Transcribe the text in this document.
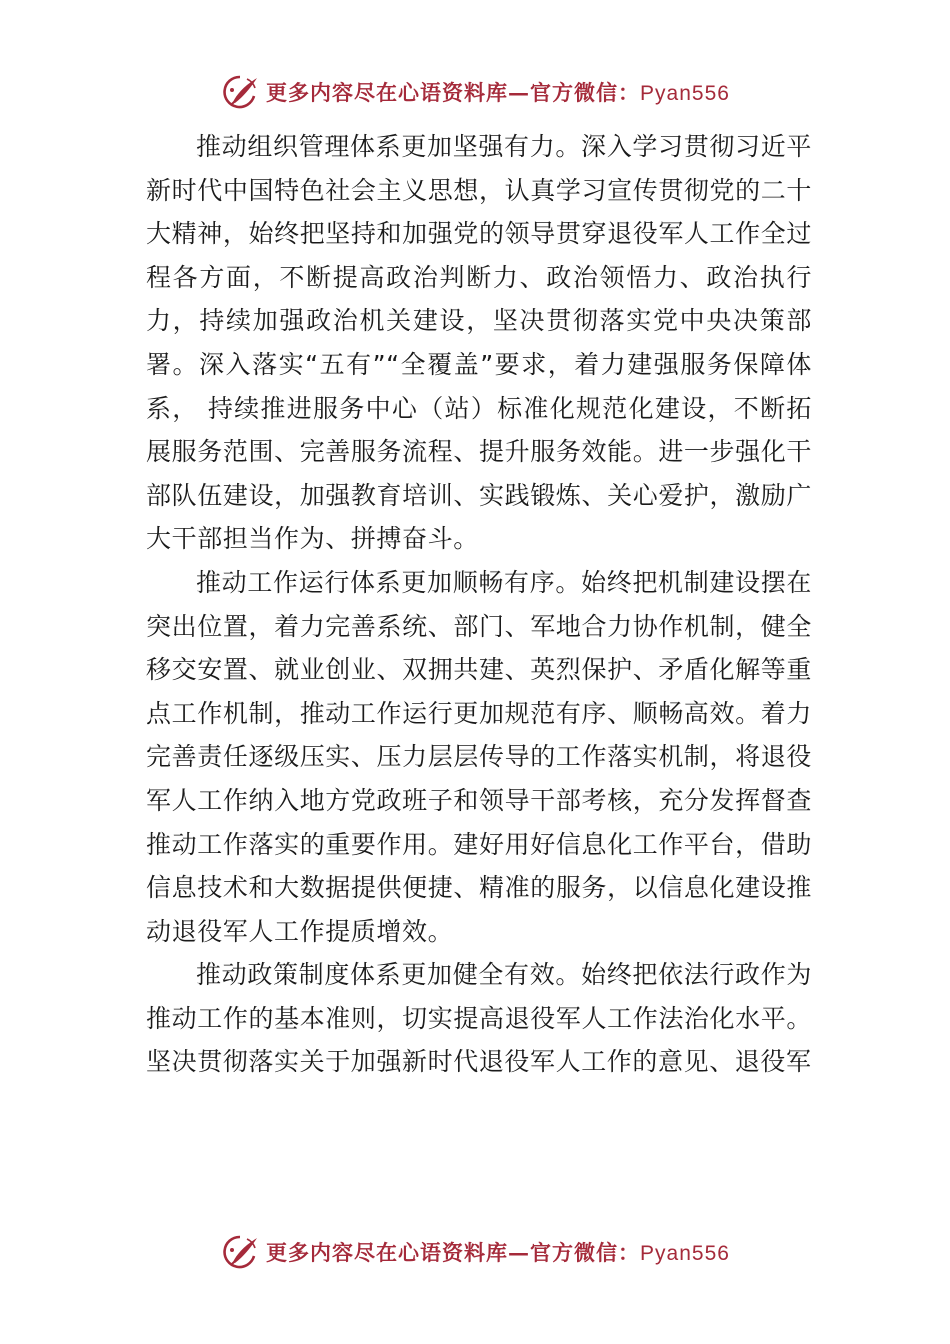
更多内容尽在心语资料库—官方微信：Pyan556

推动组织管理体系更加坚强有力。深入学习贯彻习近平新时代中国特色社会主义思想，认真学习宣传贯彻党的二十大精神，始终把坚持和加强党的领导贯穿退役军人工作全过程各方面，不断提高政治判断力、政治领悟力、政治执行力，持续加强政治机关建设，坚决贯彻落实党中央决策部署。深入落实“五有”“全覆盖”要求，着力建强服务保障体系， 持续推进服务中心（站）标准化规范化建设，不断拓展服务范围、完善服务流程、提升服务效能。进一步强化干部队伍建设，加强教育培训、实践锻炼、关心爱护，激励广大干部担当作为、拼搏奋斗。

推动工作运行体系更加顺畅有序。始终把机制建设摆在突出位置，着力完善系统、部门、军地合力协作机制，健全移交安置、就业创业、双拥共建、英烈保护、矛盾化解等重点工作机制，推动工作运行更加规范有序、顺畅高效。着力完善责任逐级压实、压力层层传导的工作落实机制，将退役军人工作纳入地方党政班子和领导干部考核，充分发挥督查推动工作落实的重要作用。建好用好信息化工作平台，借助信息技术和大数据提供便捷、精准的服务，以信息化建设推动退役军人工作提质增效。

推动政策制度体系更加健全有效。始终把依法行政作为推动工作的基本准则，切实提高退役军人工作法治化水平。 坚决贯彻落实关于加强新时代退役军人工作的意见、退役军

更多内容尽在心语资料库—官方微信：Pyan556
